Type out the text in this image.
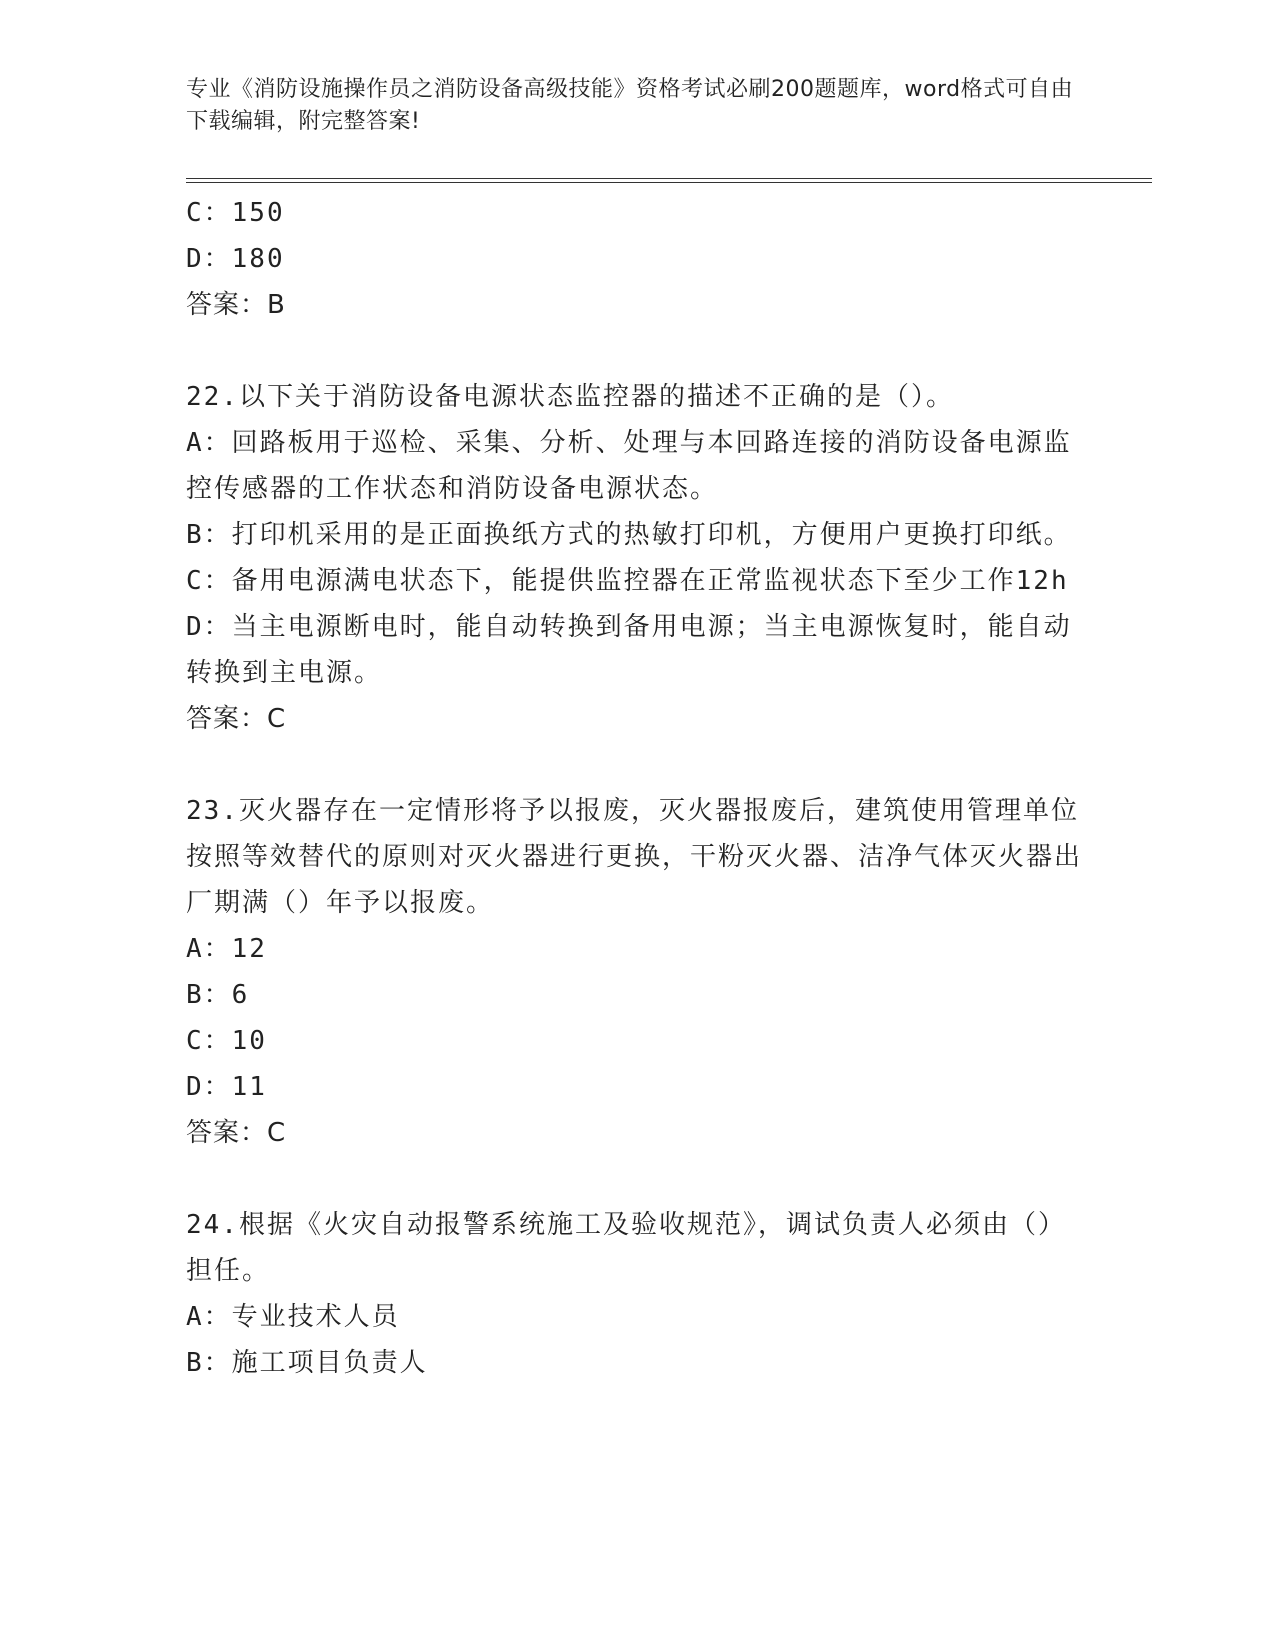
专业《消防设施操作员之消防设备高级技能》资格考试必刷200题题库，word格式可自由下载编辑，附完整答案!
C：150
D：180
答案：B
22.以下关于消防设备电源状态监控器的描述不正确的是（）。
A：回路板用于巡检、采集、分析、处理与本回路连接的消防设备电源监控传感器的工作状态和消防设备电源状态。
B：打印机采用的是正面换纸方式的热敏打印机，方便用户更换打印纸。
C：备用电源满电状态下，能提供监控器在正常监视状态下至少工作12h
D：当主电源断电时，能自动转换到备用电源；当主电源恢复时，能自动转换到主电源。
答案：C
23.灭火器存在一定情形将予以报废，灭火器报废后，建筑使用管理单位按照等效替代的原则对灭火器进行更换，干粉灭火器、洁净气体灭火器出厂期满（）年予以报废。
A：12
B：6
C：10
D：11
答案：C
24.根据《火灾自动报警系统施工及验收规范》，调试负责人必须由（）担任。
A：专业技术人员
B：施工项目负责人
